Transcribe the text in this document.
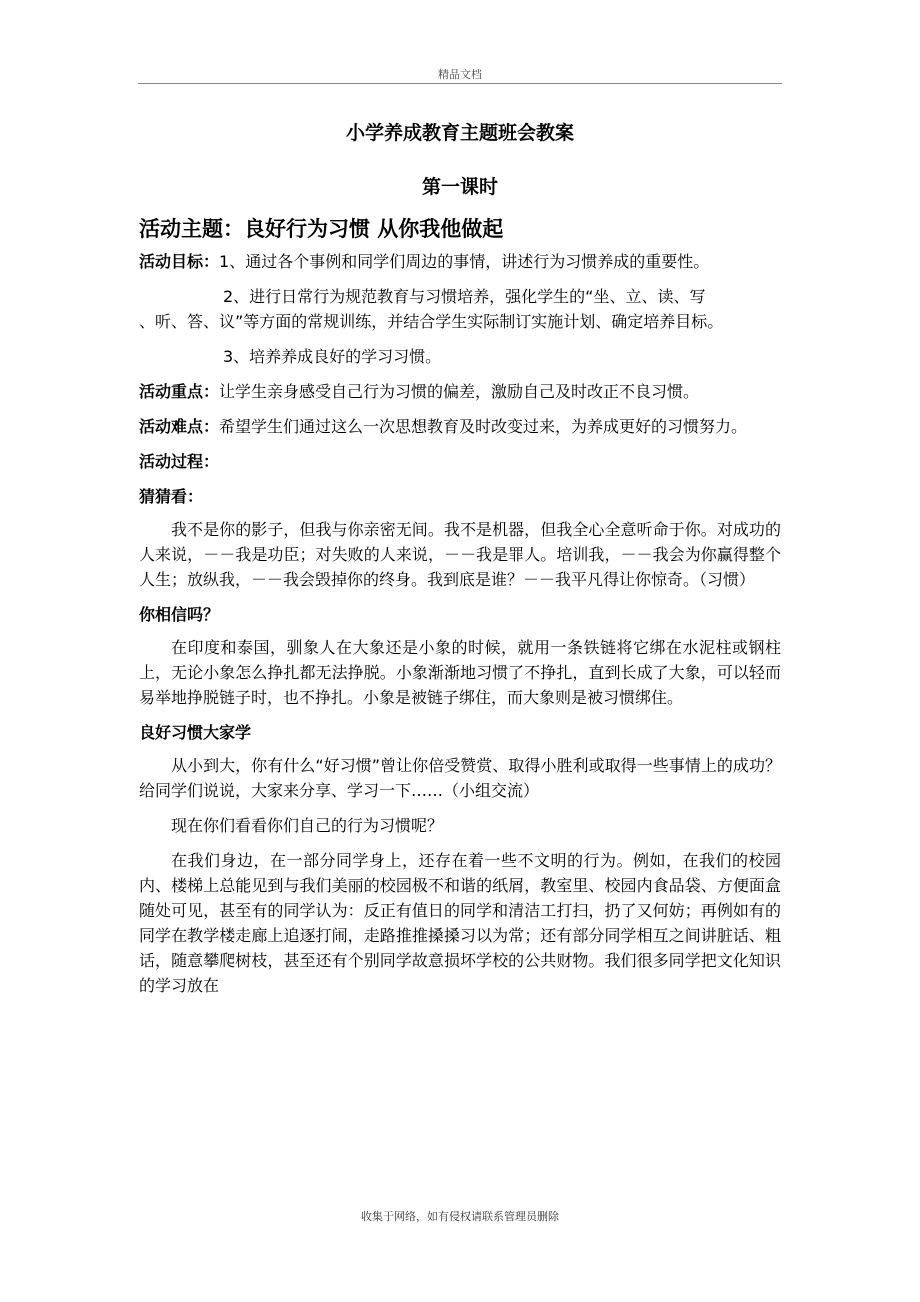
精品文档
小学养成教育主题班会教案
第一课时
活动主题：良好行为习惯 从你我他做起

活动目标：1、通过各个事例和同学们周边的事情，讲述行为习惯养成的重要性。

2、进行日常行为规范教育与习惯培养，强化学生的“坐、立、读、写
、听、答、议”等方面的常规训练，并结合学生实际制订实施计划、确定培养目标。

3、培养养成良好的学习习惯。

活动重点：让学生亲身感受自己行为习惯的偏差，激励自己及时改正不良习惯。

活动难点：希望学生们通过这么一次思想教育及时改变过来，为养成更好的习惯努力。

活动过程：

猜猜看：

我不是你的影子，但我与你亲密无间。我不是机器，但我全心全意听命于你。对成功的人来说，－－我是功臣；对失败的人来说，－－我是罪人。培训我，－－我会为你赢得整个人生；放纵我，－－我会毁掉你的终身。我到底是谁？－－我平凡得让你惊奇。（习惯）

你相信吗？

在印度和泰国，驯象人在大象还是小象的时候，就用一条铁链将它绑在水泥柱或钢柱上，无论小象怎么挣扎都无法挣脱。小象渐渐地习惯了不挣扎，直到长成了大象，可以轻而易举地挣脱链子时，也不挣扎。小象是被链子绑住，而大象则是被习惯绑住。

良好习惯大家学

从小到大，你有什么“好习惯”曾让你倍受赞赏、取得小胜利或取得一些事情上的成功？给同学们说说，大家来分享、学习一下……（小组交流）

现在你们看看你们自己的行为习惯呢？

在我们身边，在一部分同学身上，还存在着一些不文明的行为。例如，在我们的校园内、楼梯上总能见到与我们美丽的校园极不和谐的纸屑，教室里、校园内食品袋、方便面盒随处可见，甚至有的同学认为：反正有值日的同学和清洁工打扫，扔了又何妨；再例如有的同学在教学楼走廊上追逐打闹，走路推推搡搡习以为常；还有部分同学相互之间讲脏话、粗话，随意攀爬树枝，甚至还有个别同学故意损坏学校的公共财物。我们很多同学把文化知识的学习放在

收集于网络，如有侵权请联系管理员删除
